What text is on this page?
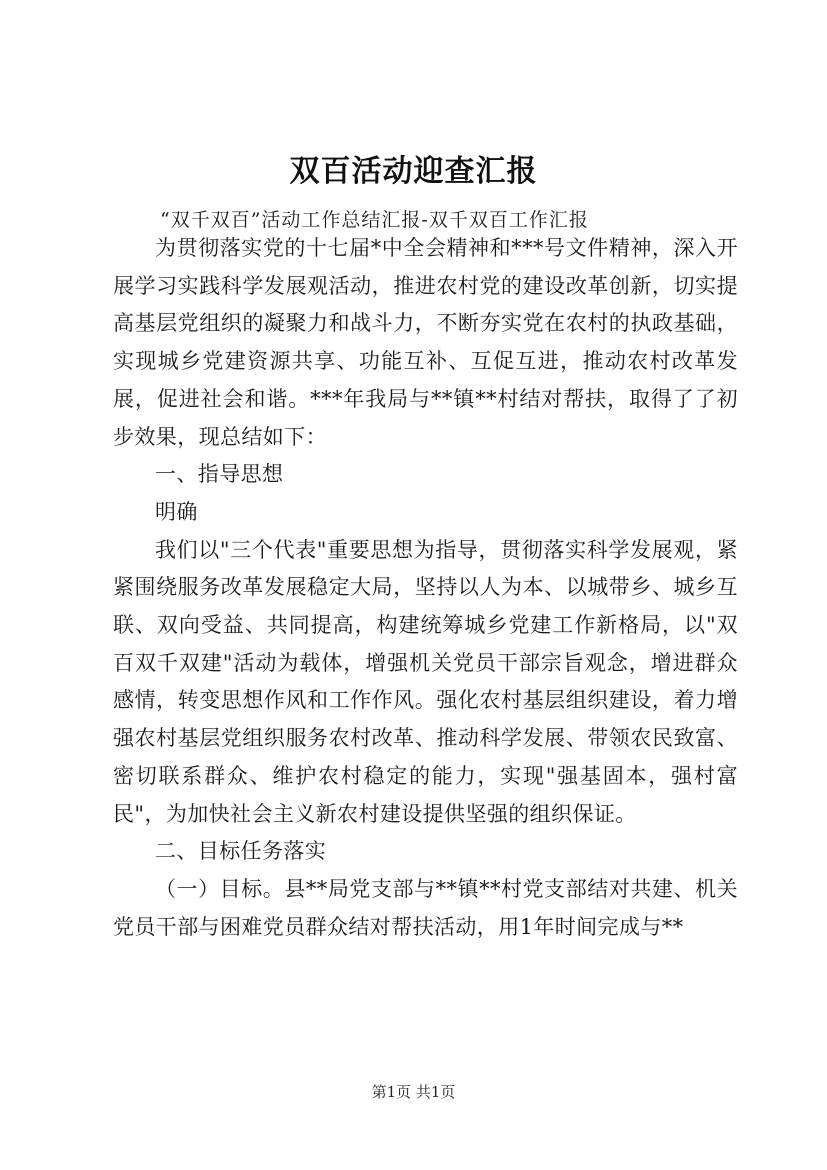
双百活动迎查汇报
“双千双百”活动工作总结汇报-双千双百工作汇报

为贯彻落实党的十七届*中全会精神和***号文件精神，深入开展学习实践科学发展观活动，推进农村党的建设改革创新，切实提高基层党组织的凝聚力和战斗力，不断夯实党在农村的执政基础，实现城乡党建资源共享、功能互补、互促互进，推动农村改革发展，促进社会和谐。***年我局与**镇**村结对帮扶，取得了了初步效果，现总结如下：

一、指导思想

明确

我们以"三个代表"重要思想为指导，贯彻落实科学发展观，紧紧围绕服务改革发展稳定大局，坚持以人为本、以城带乡、城乡互联、双向受益、共同提高，构建统筹城乡党建工作新格局，以"双百双千双建"活动为载体，增强机关党员干部宗旨观念，增进群众感情，转变思想作风和工作作风。强化农村基层组织建设，着力增强农村基层党组织服务农村改革、推动科学发展、带领农民致富、密切联系群众、维护农村稳定的能力，实现"强基固本，强村富民"，为加快社会主义新农村建设提供坚强的组织保证。

二、目标任务落实

（一）目标。县**局党支部与**镇**村党支部结对共建、机关党员干部与困难党员群众结对帮扶活动，用1年时间完成与**

第1页 共1页
